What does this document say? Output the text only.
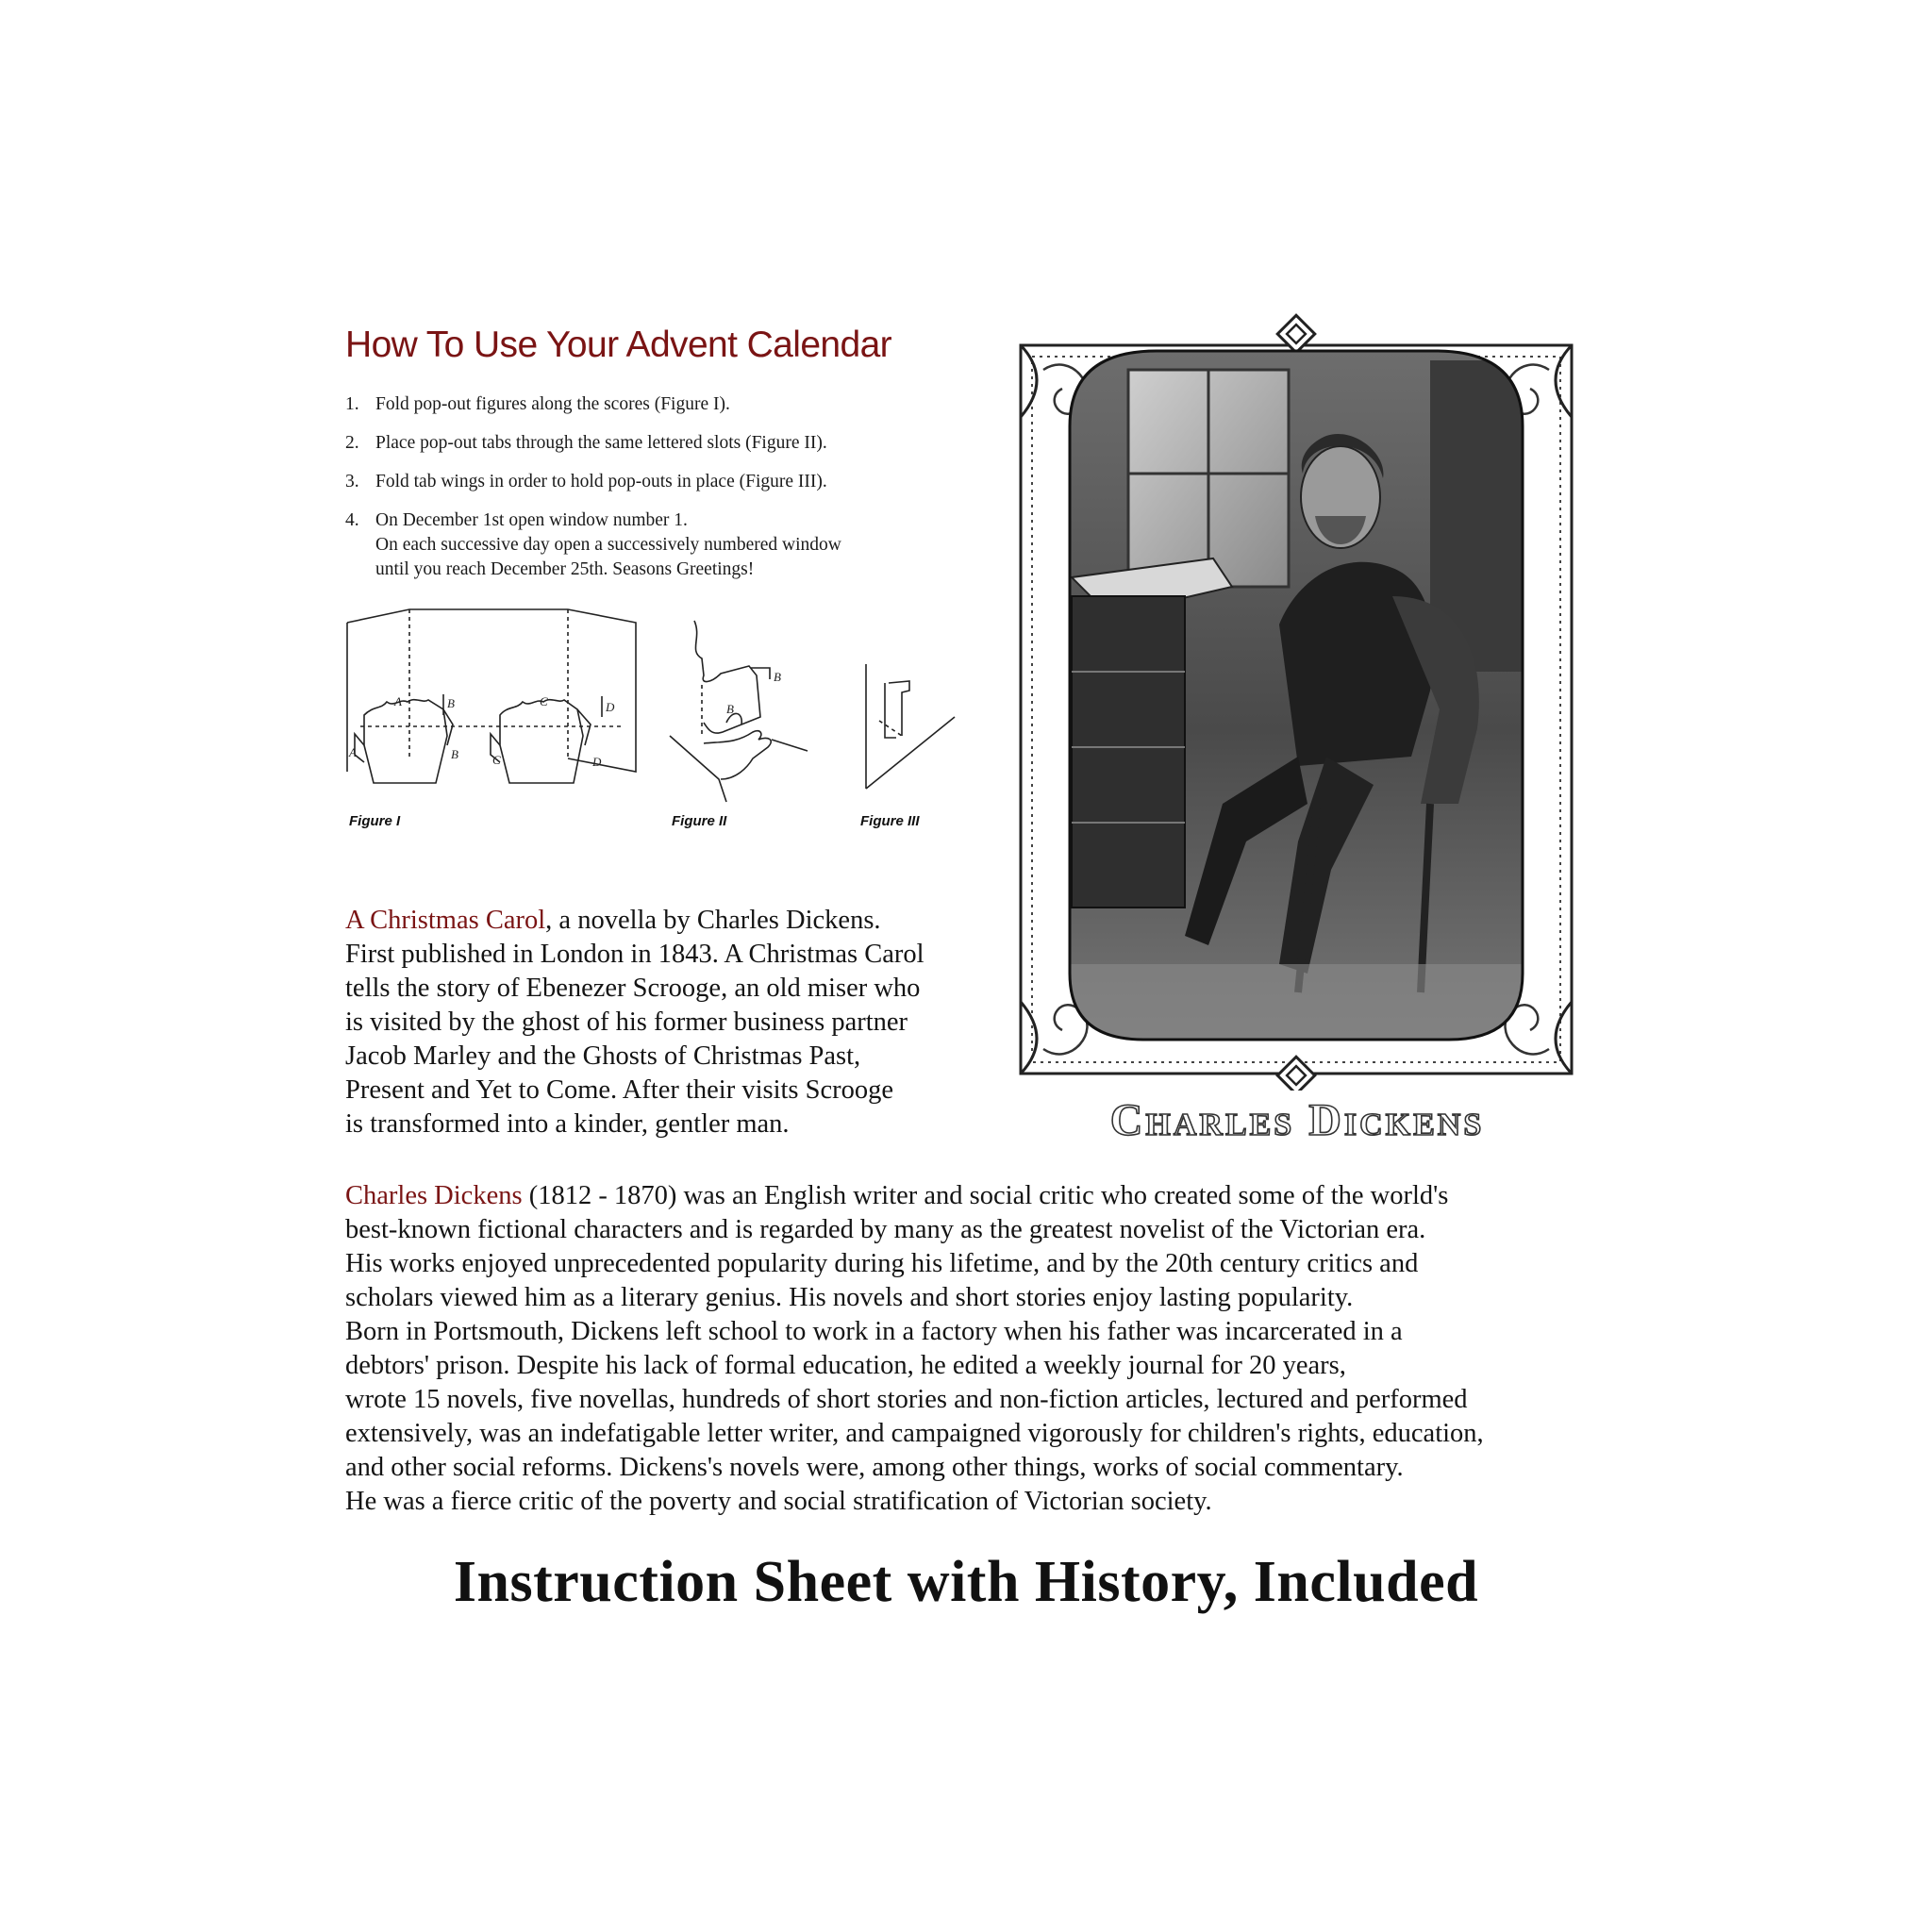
How To Use Your Advent Calendar
1. Fold pop-out figures along the scores (Figure I).
2. Place pop-out tabs through the same lettered slots (Figure II).
3. Fold tab wings in order to hold pop-outs in place (Figure III).
4. On December 1st open window number 1.
On each successive day open a successively numbered window
until you reach December 25th. Seasons Greetings!
A
A
B
B
C
C
D
D
Figure I
B
B
Figure II	Figure III
A Christmas Carol, a novella by Charles Dickens.
First published in London in 1843. A Christmas Carol
tells the story of Ebenezer Scrooge, an old miser who
is visited by the ghost of his former business partner
Jacob Marley and the Ghosts of Christmas Past,
Present and Yet to Come. After their visits Scrooge
is transformed into a kinder, gentler man.	Charles Dickens
Charles Dickens (1812 - 1870) was an English writer and social critic who created some of the world's
best-known fictional characters and is regarded by many as the greatest novelist of the Victorian era.
His works enjoyed unprecedented popularity during his lifetime, and by the 20th century critics and
scholars viewed him as a literary genius. His novels and short stories enjoy lasting popularity.
Born in Portsmouth, Dickens left school to work in a factory when his father was incarcerated in a
debtors' prison. Despite his lack of formal education, he edited a weekly journal for 20 years,
wrote 15 novels, five novellas, hundreds of short stories and non-fiction articles, lectured and performed
extensively, was an indefatigable letter writer, and campaigned vigorously for children's rights, education,
and other social reforms. Dickens's novels were, among other things, works of social commentary.
He was a fierce critic of the poverty and social stratification of Victorian society.
Instruction Sheet with History, Included
